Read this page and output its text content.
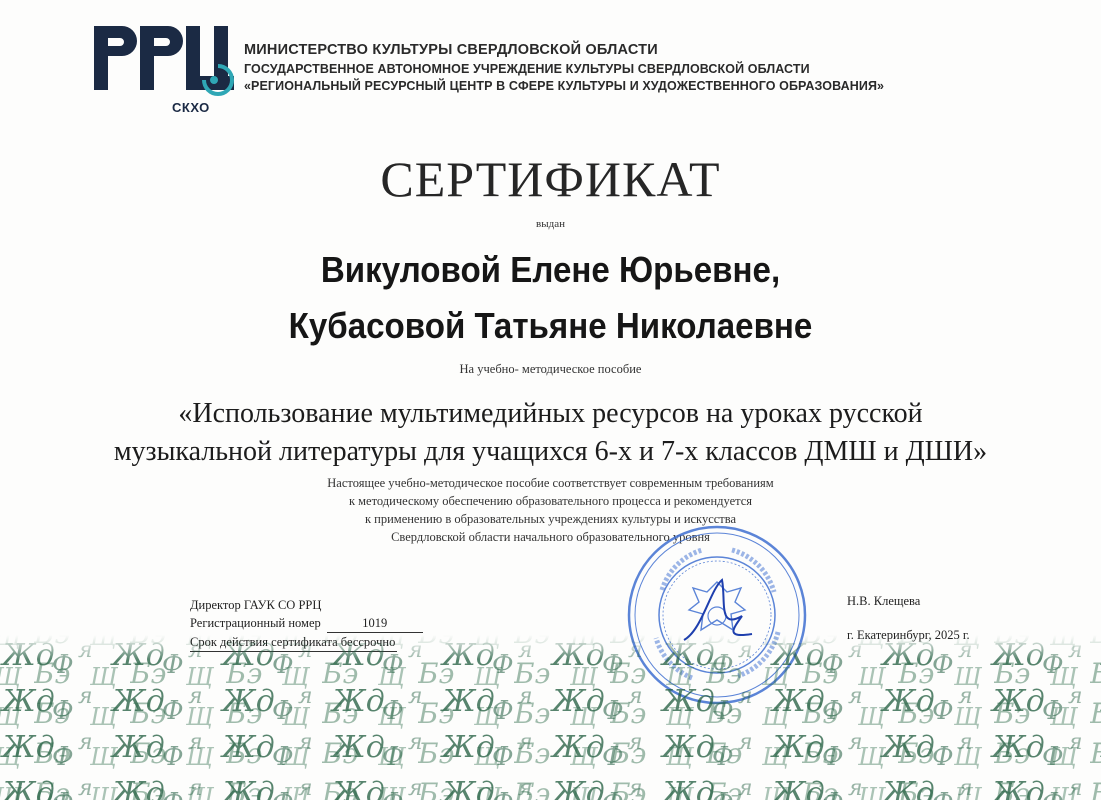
СКХО
МИНИСТЕРСТВО КУЛЬТУРЫ СВЕРДЛОВСКОЙ ОБЛАСТИ
ГОСУДАРСТВЕННОЕ АВТОНОМНОЕ УЧРЕЖДЕНИЕ КУЛЬТУРЫ СВЕРДЛОВСКОЙ ОБЛАСТИ
«РЕГИОНАЛЬНЫЙ РЕСУРСНЫЙ ЦЕНТР В СФЕРЕ КУЛЬТУРЫ И ХУДОЖЕСТВЕННОГО ОБРАЗОВАНИЯ»
СЕРТИФИКАТ
выдан
Викуловой Елене Юрьевне,
Кубасовой Татьяне Николаевне
На учебно- методическое пособие
«Использование мультимедийных ресурсов на уроках русской
музыкальной литературы для учащихся 6-х и 7-х классов ДМШ и ДШИ»
Настоящее учебно-методическое пособие соответствует современным требованиям
к методическому обеспечению образовательного процесса и рекомендуется
к применению в образовательных учреждениях культуры и искусства
Свердловской области начального образовательного уровня
Директор ГАУК СО РРЦ
Регистрационный номер	1019
Н.В. Клещева
